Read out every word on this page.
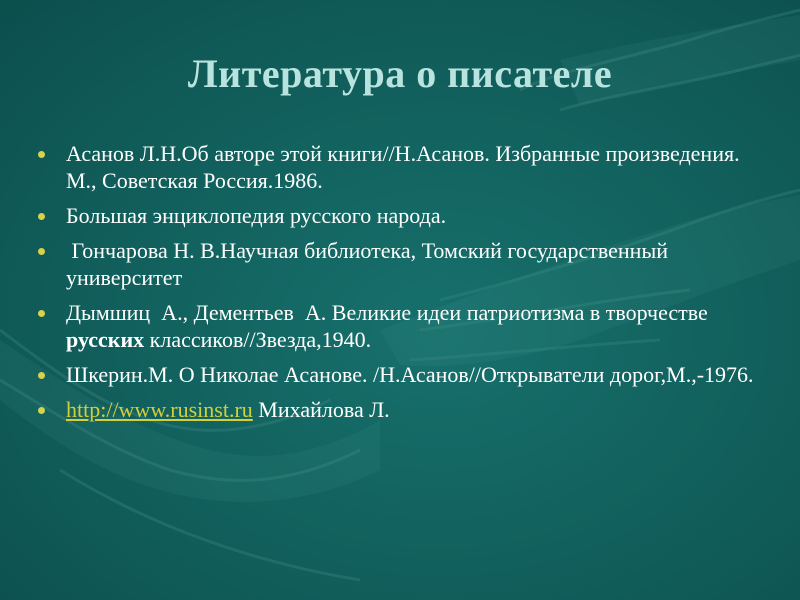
Литература о писателе
Асанов Л.Н.Об авторе этой книги//Н.Асанов. Избранные произведения. М., Советская Россия.1986.
Большая энциклопедия русского народа.
Гончарова Н. В.Научная библиотека, Томский государственный университет
Дымшиц  А., Дементьев  А. Великие идеи патриотизма в творчестве русских классиков//Звезда,1940.
Шкерин.М. О Николае Асанове. /Н.Асанов//Открыватели дорог,М.,-1976.
http://www.rusinst.ru Михайлова Л.
